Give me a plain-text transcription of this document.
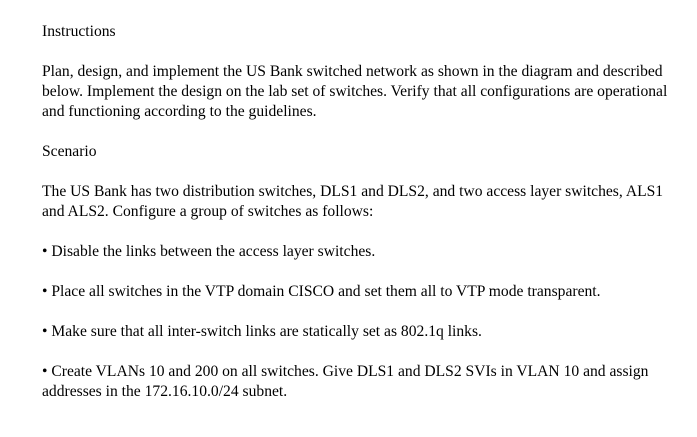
Instructions
Plan, design, and implement the US Bank switched network as shown in the diagram and described below. Implement the design on the lab set of switches. Verify that all configurations are operational and functioning according to the guidelines.
Scenario
The US Bank has two distribution switches, DLS1 and DLS2, and two access layer switches, ALS1 and ALS2. Configure a group of switches as follows:
• Disable the links between the access layer switches.
• Place all switches in the VTP domain CISCO and set them all to VTP mode transparent.
• Make sure that all inter-switch links are statically set as 802.1q links.
• Create VLANs 10 and 200 on all switches. Give DLS1 and DLS2 SVIs in VLAN 10 and assign addresses in the 172.16.10.0/24 subnet.
